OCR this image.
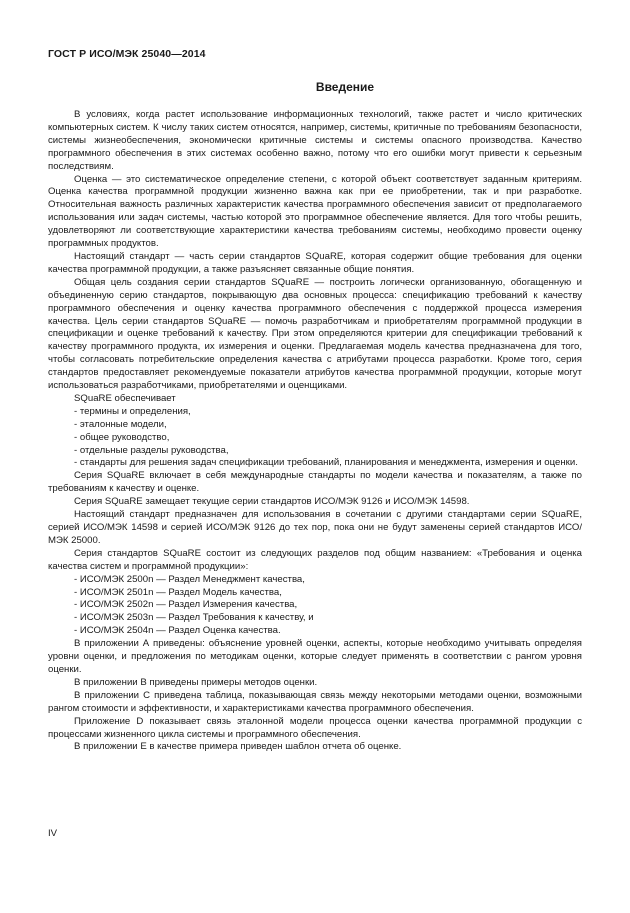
ГОСТ Р ИСО/МЭК 25040—2014
Введение

В условиях, когда растет использование информационных технологий, также растет и число критических компьютерных систем. К числу таких систем относятся, например, системы, критичные по требованиям безопасности, системы жизнеобеспечения, экономически критичные системы и системы опасного производства. Качество программного обеспечения в этих системах особенно важно, потому что его ошибки могут привести к серьезным последствиям.

Оценка — это систематическое определение степени, с которой объект соответствует заданным критериям. Оценка качества программной продукции жизненно важна как при ее приобретении, так и при разработке. Относительная важность различных характеристик качества программного обеспечения зависит от предполагаемого использования или задач системы, частью которой это программное обеспечение является. Для того чтобы решить, удовлетворяют ли соответствующие характеристики качества требованиям системы, необходимо провести оценку программных продуктов.

Настоящий стандарт — часть серии стандартов SQuaRE, которая содержит общие требования для оценки качества программной продукции, а также разъясняет связанные общие понятия.

Общая цель создания серии стандартов SQuaRE — построить логически организованную, обогащенную и объединенную серию стандартов, покрывающую два основных процесса: спецификацию требований к качеству программного обеспечения и оценку качества программного обеспечения с поддержкой процесса измерения качества. Цель серии стандартов SQuaRE — помочь разработчикам и приобретателям программной продукции в спецификации и оценке требований к качеству. При этом определяются критерии для спецификации требований к качеству программного продукта, их измерения и оценки. Предлагаемая модель качества предназначена для того, чтобы согласовать потребительские определения качества с атрибутами процесса разработки. Кроме того, серия стандартов предоставляет рекомендуемые показатели атрибутов качества программной продукции, которые могут использоваться разработчиками, приобретателями и оценщиками.

SQuaRE обеспечивает

- термины и определения,
- эталонные модели,
- общее руководство,
- отдельные разделы руководства,

- стандарты для решения задач спецификации требований, планирования и менеджмента, измерения и оценки.

Серия SQuaRE включает в себя международные стандарты по модели качества и показателям, а также по требованиям к качеству и оценке.

Серия SQuaRE замещает текущие серии стандартов ИСО/МЭК 9126 и ИСО/МЭК 14598.

Настоящий стандарт предназначен для использования в сочетании с другими стандартами серии SQuaRE, серией ИСО/МЭК 14598 и серией ИСО/МЭК 9126 до тех пор, пока они не будут заменены серией стандартов ИСО/МЭК 25000.

Серия стандартов SQuaRE состоит из следующих разделов под общим названием: «Требования и оценка качества систем и программной продукции»:

- ИСО/МЭК 2500n — Раздел Менеджмент качества,
- ИСО/МЭК 2501n — Раздел Модель качества,
- ИСО/МЭК 2502n — Раздел Измерения качества,
- ИСО/МЭК 2503n — Раздел Требования к качеству, и
- ИСО/МЭК 2504n — Раздел Оценка качества.

В приложении А приведены: объяснение уровней оценки, аспекты, которые необходимо учитывать определяя уровни оценки, и предложения по методикам оценки, которые следует применять в соответствии с рангом уровня оценки.

В приложении В приведены примеры методов оценки.

В приложении С приведена таблица, показывающая связь между некоторыми методами оценки, возможными рангом стоимости и эффективности, и характеристиками качества программного обеспечения.

Приложение D показывает связь эталонной модели процесса оценки качества программной продукции с процессами жизненного цикла системы и программного обеспечения.

В приложении E в качестве примера приведен шаблон отчета об оценке.

IV
